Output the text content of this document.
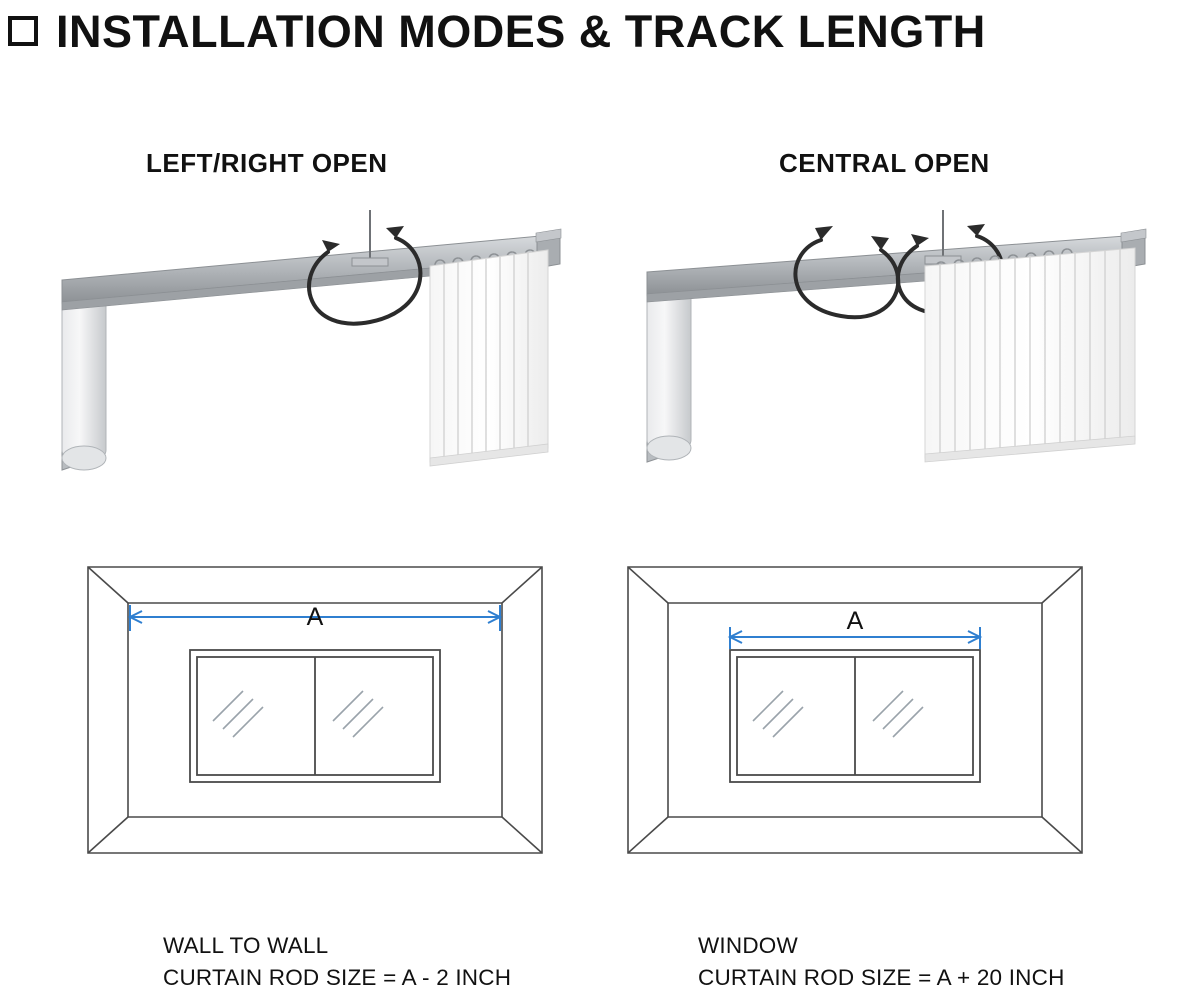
INSTALLATION MODES & TRACK LENGTH
LEFT/RIGHT OPEN	CENTRAL OPEN
A	A
WALL TO WALL
CURTAIN ROD SIZE = A - 2 INCH
WINDOW
CURTAIN ROD SIZE = A + 20 INCH
